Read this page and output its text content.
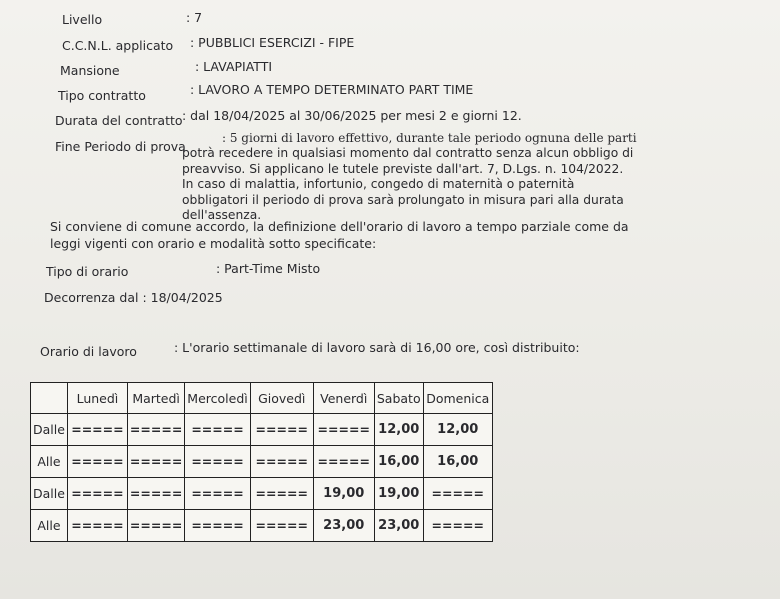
Livello	: 7
C.C.N.L. applicato : PUBBLICI ESERCIZI - FIPE
Mansione	: LAVAPIATTI
Tipo contratto	: LAVORO A TEMPO DETERMINATO PART TIME
Durata del contratto : dal 18/04/2025 al 30/06/2025 per mesi 2 e giorni 12.
Fine Periodo di prova
: 5 giorni di lavoro effettivo, durante tale periodo ognuna delle parti
potrà recedere in qualsiasi momento dal contratto senza alcun obbligo di
preavviso. Si applicano le tutele previste dall'art. 7, D.Lgs. n. 104/2022.
In caso di malattia, infortunio, congedo di maternità o paternità
obbligatori il periodo di prova sarà prolungato in misura pari alla durata
dell'assenza.
Si conviene di comune accordo, la definizione dell'orario di lavoro a tempo parziale come da
leggi vigenti con orario e modalità sotto specificate:
Tipo di orario	: Part-Time Misto
Decorrenza dal : 18/04/2025
Orario di lavoro	: L'orario settimanale di lavoro sarà di 16,00 ore, così distribuito:
	Lunedì	Martedì	Mercoledì	Giovedì	Venerdì	Sabato	Domenica
Dalle	=====	=====	=====	=====	=====	12,00	12,00
Alle	=====	=====	=====	=====	=====	16,00	16,00
Dalle	=====	=====	=====	=====	19,00	19,00	=====
Alle	=====	=====	=====	=====	23,00	23,00	=====
